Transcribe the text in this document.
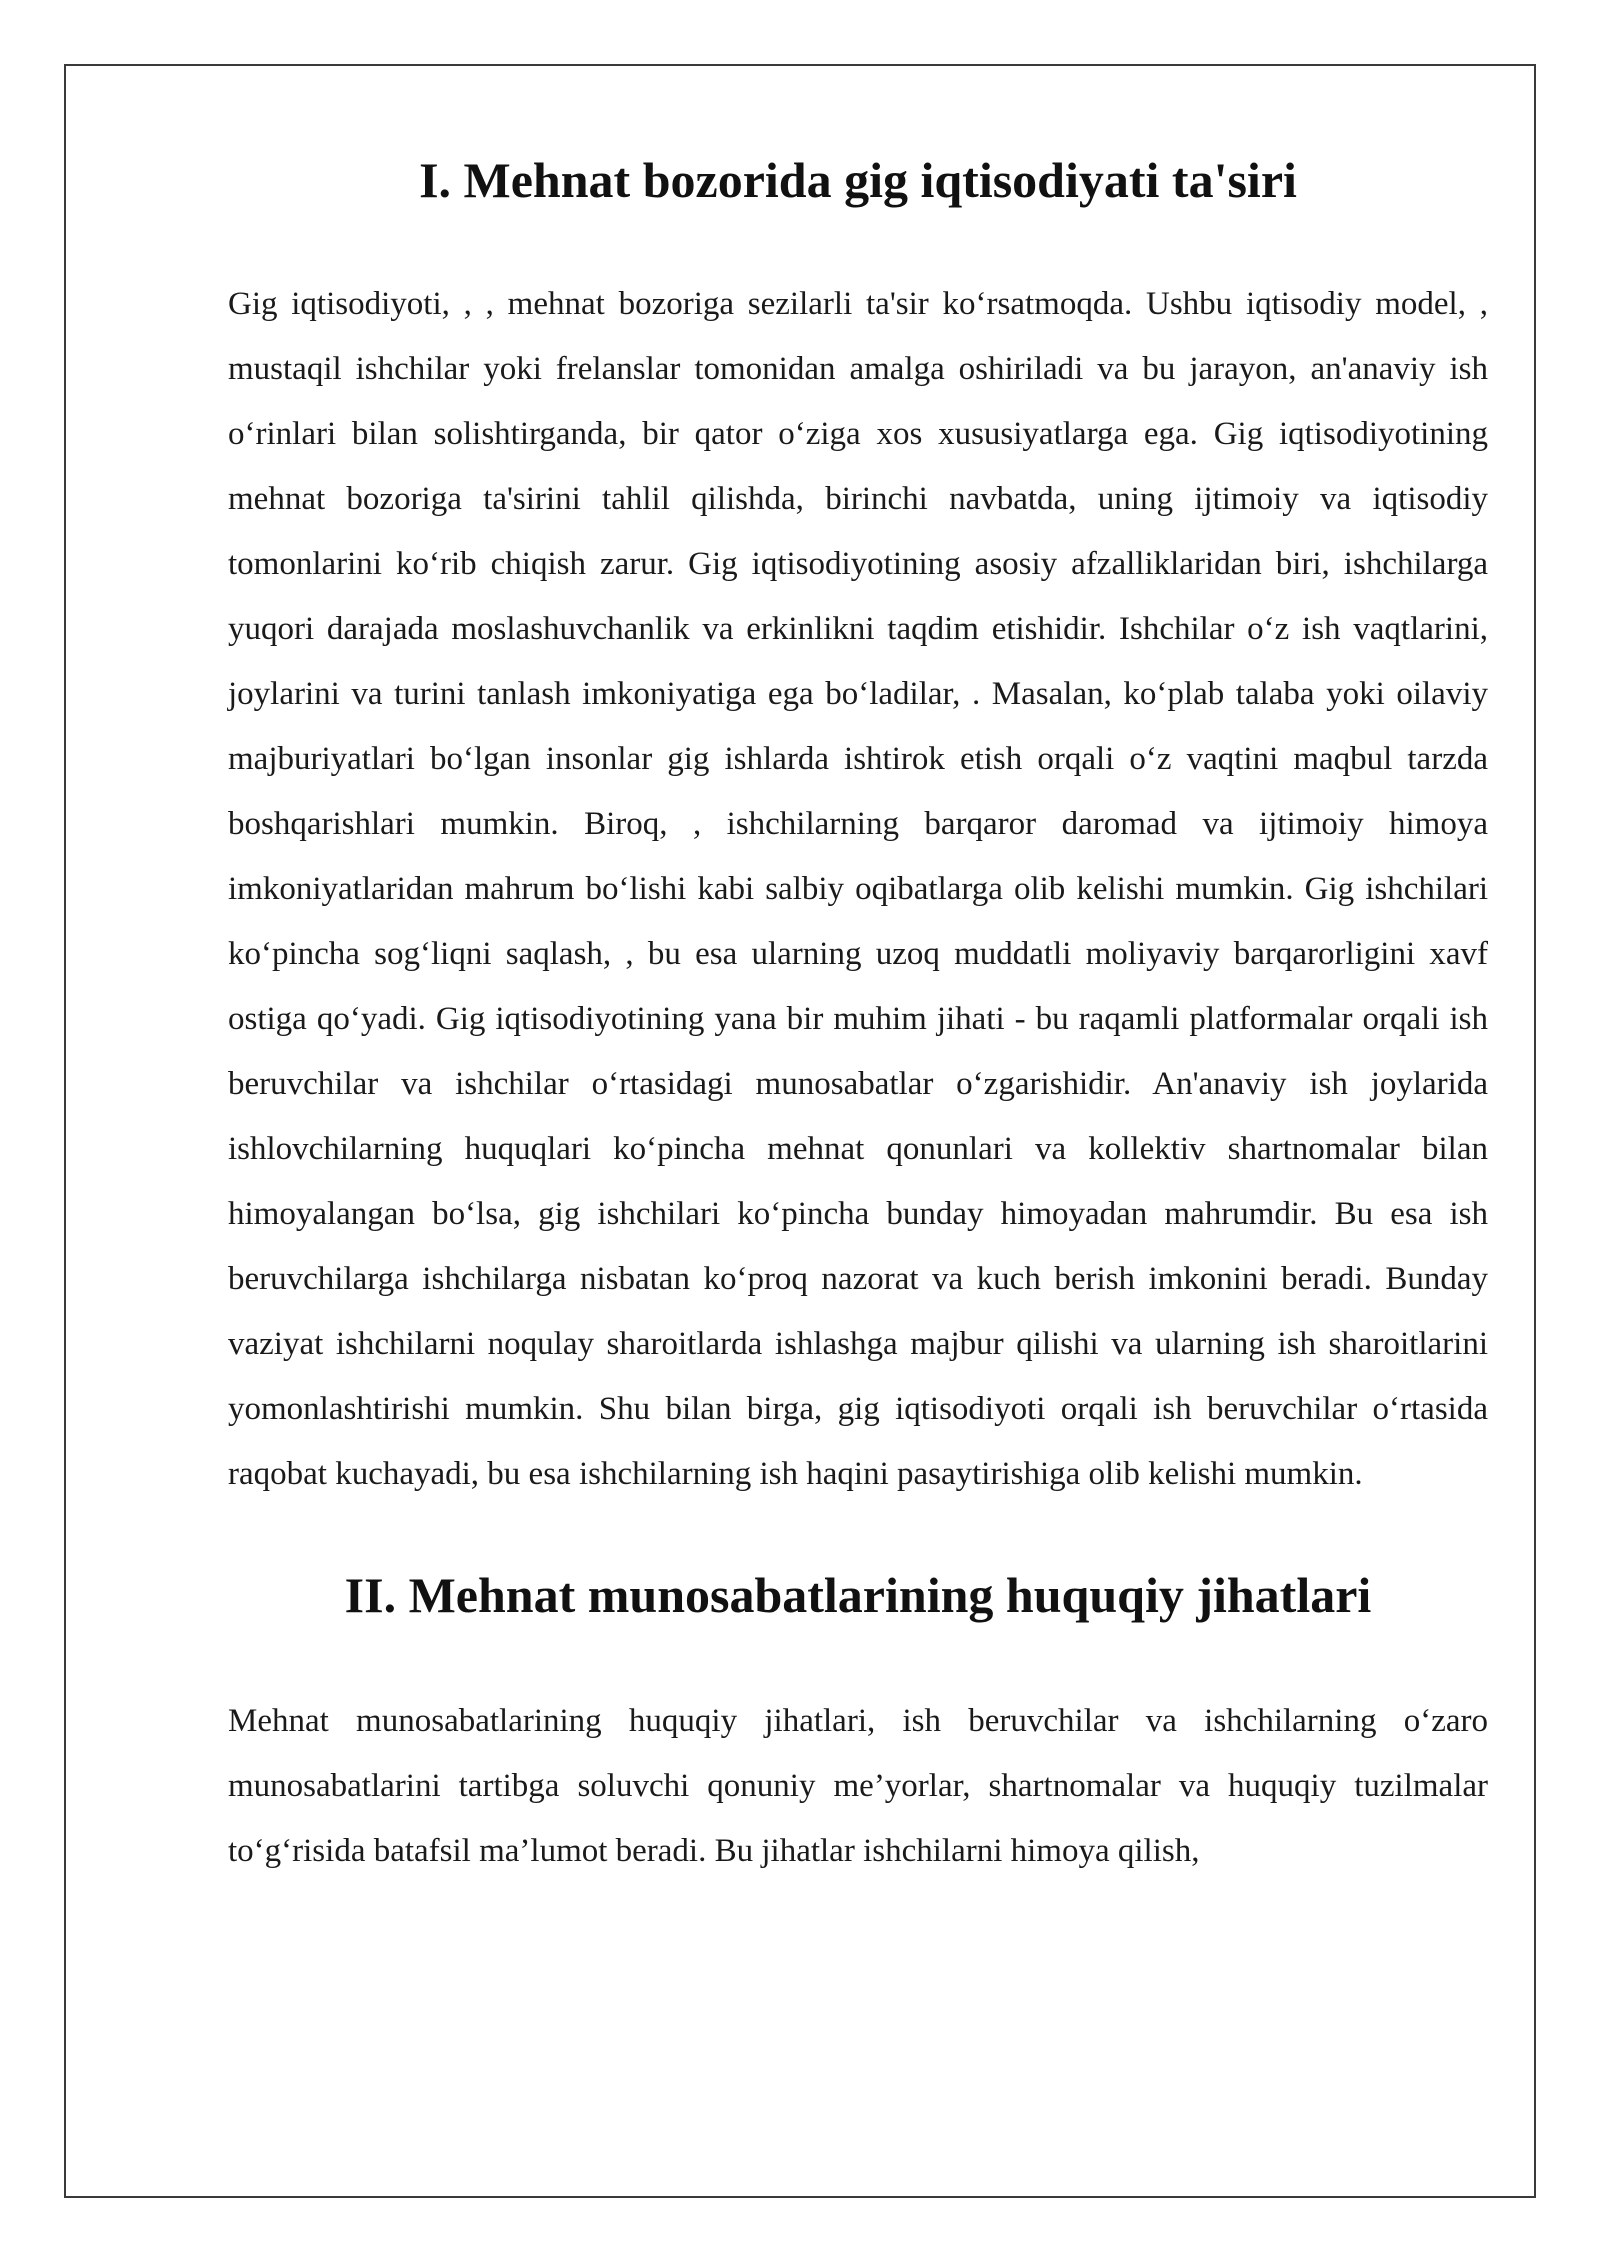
I. Mehnat bozorida gig iqtisodiyati ta'siri

Gig iqtisodiyoti, , , mehnat bozoriga sezilarli ta'sir ko‘rsatmoqda. Ushbu iqtisodiy model, , mustaqil ishchilar yoki frelanslar tomonidan amalga oshiriladi va bu jarayon, an'anaviy ish o‘rinlari bilan solishtirganda, bir qator o‘ziga xos xususiyatlarga ega. Gig iqtisodiyotining mehnat bozoriga ta'sirini tahlil qilishda, birinchi navbatda, uning ijtimoiy va iqtisodiy tomonlarini ko‘rib chiqish zarur. Gig iqtisodiyotining asosiy afzalliklaridan biri, ishchilarga yuqori darajada moslashuvchanlik va erkinlikni taqdim etishidir. Ishchilar o‘z ish vaqtlarini, joylarini va turini tanlash imkoniyatiga ega bo‘ladilar, . Masalan, ko‘plab talaba yoki oilaviy majburiyatlari bo‘lgan insonlar gig ishlarda ishtirok etish orqali o‘z vaqtini maqbul tarzda boshqarishlari mumkin. Biroq, , ishchilarning barqaror daromad va ijtimoiy himoya imkoniyatlaridan mahrum bo‘lishi kabi salbiy oqibatlarga olib kelishi mumkin. Gig ishchilari ko‘pincha sog‘liqni saqlash, , bu esa ularning uzoq muddatli moliyaviy barqarorligini xavf ostiga qo‘yadi. Gig iqtisodiyotining yana bir muhim jihati - bu raqamli platformalar orqali ish beruvchilar va ishchilar o‘rtasidagi munosabatlar o‘zgarishidir. An'anaviy ish joylarida ishlovchilarning huquqlari ko‘pincha mehnat qonunlari va kollektiv shartnomalar bilan himoyalangan bo‘lsa, gig ishchilari ko‘pincha bunday himoyadan mahrumdir. Bu esa ish beruvchilarga ishchilarga nisbatan ko‘proq nazorat va kuch berish imkonini beradi. Bunday vaziyat ishchilarni noqulay sharoitlarda ishlashga majbur qilishi va ularning ish sharoitlarini yomonlashtirishi mumkin. Shu bilan birga, gig iqtisodiyoti orqali ish beruvchilar o‘rtasida raqobat kuchayadi, bu esa ishchilarning ish haqini pasaytirishiga olib kelishi mumkin.

II. Mehnat munosabatlarining huquqiy jihatlari

Mehnat munosabatlarining huquqiy jihatlari, ish beruvchilar va ishchilarning o‘zaro munosabatlarini tartibga soluvchi qonuniy me’yorlar, shartnomalar va huquqiy tuzilmalar to‘g‘risida batafsil ma’lumot beradi. Bu jihatlar ishchilarni himoya qilish,
